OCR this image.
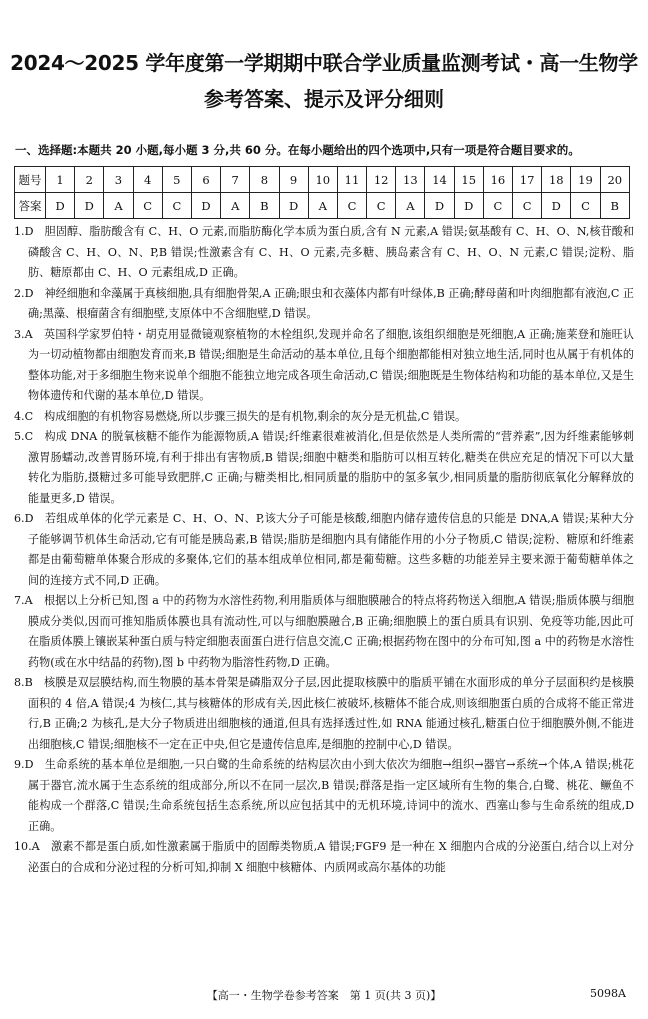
2024～2025 学年度第一学期期中联合学业质量监测考试・高一生物学
参考答案、提示及评分细则
一、选择题:本题共 20 小题,每小题 3 分,共 60 分。在每小题给出的四个选项中,只有一项是符合题目要求的。
题号	1	2	3	4	5	6	7	8	9	10	11	12	13	14	15	16	17	18	19	20
答案	D	D	A	C	C	D	A	B	D	A	C	C	A	D	D	C	C	D	C	B

1.D　胆固醇、脂肪酸含有 C、H、O 元素,而脂肪酶化学本质为蛋白质,含有 N 元素,A 错误;氨基酸有 C、H、O、N,核苷酸和磷酸含 C、H、O、N、P,B 错误;性激素含有 C、H、O 元素,壳多糖、胰岛素含有 C、H、O、N 元素,C 错误;淀粉、脂肪、糖原都由 C、H、O 元素组成,D 正确。

2.D　神经细胞和伞藻属于真核细胞,具有细胞骨架,A 正确;眼虫和衣藻体内都有叶绿体,B 正确;酵母菌和叶肉细胞都有液泡,C 正确;黑藻、根瘤菌含有细胞壁,支原体中不含细胞壁,D 错误。

3.A　英国科学家罗伯特・胡克用显微镜观察植物的木栓组织,发现并命名了细胞,该组织细胞是死细胞,A 正确;施莱登和施旺认为一切动植物都由细胞发育而来,B 错误;细胞是生命活动的基本单位,且每个细胞都能相对独立地生活,同时也从属于有机体的整体功能,对于多细胞生物来说单个细胞不能独立地完成各项生命活动,C 错误;细胞既是生物体结构和功能的基本单位,又是生物体遗传和代谢的基本单位,D 错误。

4.C　构成细胞的有机物容易燃烧,所以步骤三损失的是有机物,剩余的灰分是无机盐,C 错误。

5.C　构成 DNA 的脱氧核糖不能作为能源物质,A 错误;纤维素很难被消化,但是依然是人类所需的“营养素”,因为纤维素能够刺激胃肠蠕动,改善胃肠环境,有利于排出有害物质,B 错误;细胞中糖类和脂肪可以相互转化,糖类在供应充足的情况下可以大量转化为脂肪,摄糖过多可能导致肥胖,C 正确;与糖类相比,相同质量的脂肪中的氢多氧少,相同质量的脂肪彻底氧化分解释放的能量更多,D 错误。

6.D　若组成单体的化学元素是 C、H、O、N、P,该大分子可能是核酸,细胞内储存遗传信息的只能是 DNA,A 错误;某种大分子能够调节机体生命活动,它有可能是胰岛素,B 错误;脂肪是细胞内具有储能作用的小分子物质,C 错误;淀粉、糖原和纤维素都是由葡萄糖单体聚合形成的多聚体,它们的基本组成单位相同,都是葡萄糖。这些多糖的功能差异主要来源于葡萄糖单体之间的连接方式不同,D 正确。

7.A　根据以上分析已知,图 a 中的药物为水溶性药物,利用脂质体与细胞膜融合的特点将药物送入细胞,A 错误;脂质体膜与细胞膜成分类似,因而可推知脂质体膜也具有流动性,可以与细胞膜融合,B 正确;细胞膜上的蛋白质具有识别、免疫等功能,因此可在脂质体膜上镶嵌某种蛋白质与特定细胞表面蛋白进行信息交流,C 正确;根据药物在图中的分布可知,图 a 中的药物是水溶性药物(或在水中结晶的药物),图 b 中药物为脂溶性药物,D 正确。

8.B　核膜是双层膜结构,而生物膜的基本骨架是磷脂双分子层,因此提取核膜中的脂质平铺在水面形成的单分子层面积约是核膜面积的 4 倍,A 错误;4 为核仁,其与核糖体的形成有关,因此核仁被破坏,核糖体不能合成,则该细胞蛋白质的合成将不能正常进行,B 正确;2 为核孔,是大分子物质进出细胞核的通道,但具有选择透过性,如 RNA 能通过核孔,糖蛋白位于细胞膜外侧,不能进出细胞核,C 错误;细胞核不一定在正中央,但它是遗传信息库,是细胞的控制中心,D 错误。

9.D　生命系统的基本单位是细胞,一只白鹭的生命系统的结构层次由小到大依次为细胞→组织→器官→系统→个体,A 错误;桃花属于器官,流水属于生态系统的组成部分,所以不在同一层次,B 错误;群落是指一定区域所有生物的集合,白鹭、桃花、鳜鱼不能构成一个群落,C 错误;生命系统包括生态系统,所以应包括其中的无机环境,诗词中的流水、西塞山参与生命系统的组成,D 正确。

10.A　激素不都是蛋白质,如性激素属于脂质中的固醇类物质,A 错误;FGF9 是一种在 X 细胞内合成的分泌蛋白,结合以上对分泌蛋白的合成和分泌过程的分析可知,抑制 X 细胞中核糖体、内质网或高尔基体的功能

【高一・生物学卷参考答案　第 1 页(共 3 页)】	5098A
